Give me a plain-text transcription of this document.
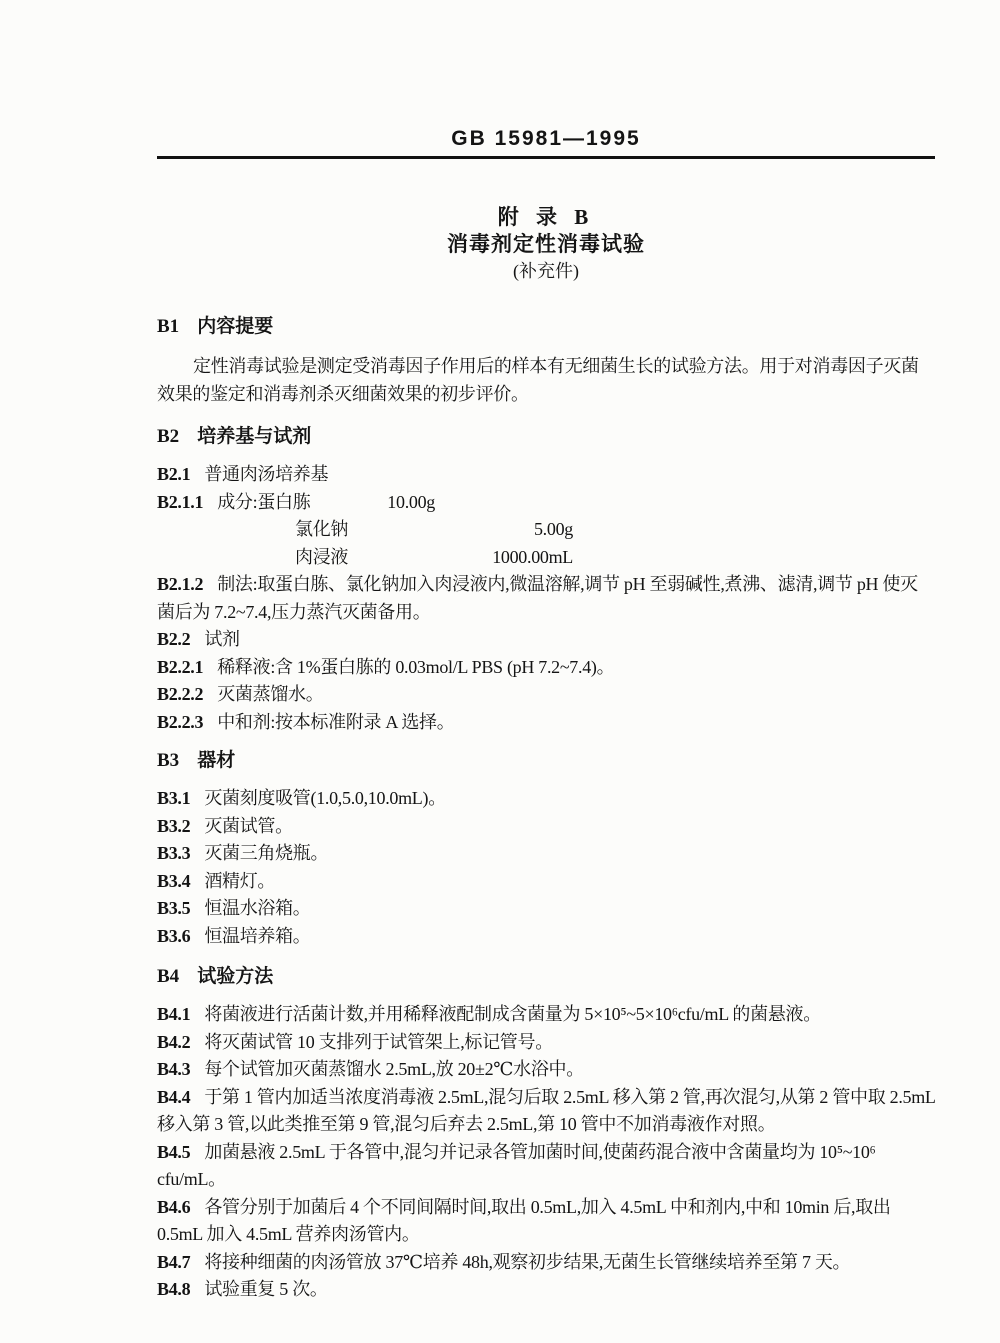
GB 15981—1995
附 录 B
消毒剂定性消毒试验
(补充件)

B1 内容提要

定性消毒试验是测定受消毒因子作用后的样本有无细菌生长的试验方法。用于对消毒因子灭菌效果的鉴定和消毒剂杀灭细菌效果的初步评价。

B2 培养基与试剂

B2.1 普通肉汤培养基

B2.1.1 成分: 蛋白胨	10.00g
氯化钠	5.00g
肉浸液	1000.00mL

B2.1.2 制法:取蛋白胨、氯化钠加入肉浸液内,微温溶解,调节 pH 至弱碱性,煮沸、滤清,调节 pH 使灭菌后为 7.2~7.4,压力蒸汽灭菌备用。

B2.2 试剂

B2.2.1 稀释液:含 1%蛋白胨的 0.03mol/L PBS (pH 7.2~7.4)。

B2.2.2 灭菌蒸馏水。

B2.2.3 中和剂:按本标准附录 A 选择。

B3 器材

B3.1 灭菌刻度吸管(1.0,5.0,10.0mL)。

B3.2 灭菌试管。

B3.3 灭菌三角烧瓶。

B3.4 酒精灯。

B3.5 恒温水浴箱。

B3.6 恒温培养箱。

B4 试验方法

B4.1 将菌液进行活菌计数,并用稀释液配制成含菌量为 5×10⁵~5×10⁶cfu/mL 的菌悬液。

B4.2 将灭菌试管 10 支排列于试管架上,标记管号。

B4.3 每个试管加灭菌蒸馏水 2.5mL,放 20±2℃水浴中。

B4.4 于第 1 管内加适当浓度消毒液 2.5mL,混匀后取 2.5mL 移入第 2 管,再次混匀,从第 2 管中取 2.5mL 移入第 3 管,以此类推至第 9 管,混匀后弃去 2.5mL,第 10 管中不加消毒液作对照。

B4.5 加菌悬液 2.5mL 于各管中,混匀并记录各管加菌时间,使菌药混合液中含菌量均为 10⁵~10⁶ cfu/mL。

B4.6 各管分别于加菌后 4 个不同间隔时间,取出 0.5mL,加入 4.5mL 中和剂内,中和 10min 后,取出 0.5mL 加入 4.5mL 营养肉汤管内。

B4.7 将接种细菌的肉汤管放 37℃培养 48h,观察初步结果,无菌生长管继续培养至第 7 天。

B4.8 试验重复 5 次。
